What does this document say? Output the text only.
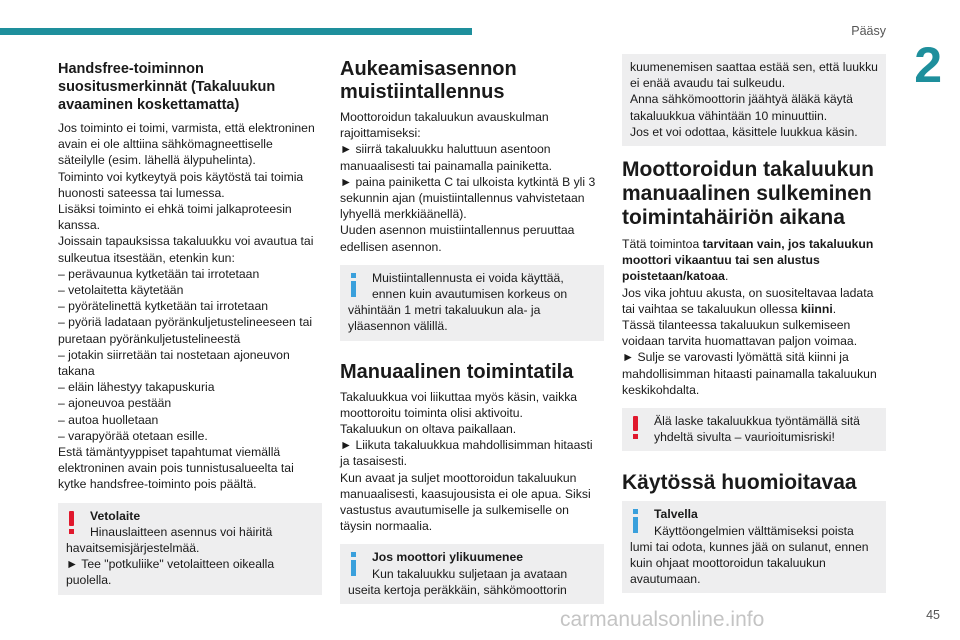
Pääsy
2
Handsfree-toiminnon suositusmerkinnät (Takaluukun avaaminen koskettamatta)
Jos toiminto ei toimi, varmista, että elektroninen avain ei ole alttiina sähkömagneettiselle säteilylle (esim. lähellä älypuhelinta).
Toiminto voi kytkeytyä pois käytöstä tai toimia huonosti sateessa tai lumessa.
Lisäksi toiminto ei ehkä toimi jalkaproteesin kanssa.
Joissain tapauksissa takaluukku voi avautua tai sulkeutua itsestään, etenkin kun:
– perävaunua kytketään tai irrotetaan
– vetolaitetta käytetään
– pyörätelinettä kytketään tai irrotetaan
– pyöriä ladataan pyöränkuljetustelineeseen tai puretaan pyöränkuljetustelineestä
– jotakin siirretään tai nostetaan ajoneuvon takana
– eläin lähestyy takapuskuria
– ajoneuvoa pestään
– autoa huolletaan
– varapyörää otetaan esille.
Estä tämäntyyppiset tapahtumat viemällä elektroninen avain pois tunnistusalueelta tai kytke handsfree-toiminto pois päältä.
Vetolaite
Hinauslaitteen asennus voi häiritä
havaitsemisjärjestelmää.
► Tee "potkuliike" vetolaitteen oikealla puolella.
Aukeamisasennon muistiintallennus
Moottoroidun takaluukun avauskulman rajoittamiseksi:
► siirrä takaluukku haluttuun asentoon manuaalisesti tai painamalla painiketta.
► paina painiketta C tai ulkoista kytkintä B yli 3 sekunnin ajan (muistiintallennus vahvistetaan lyhyellä merkkiäänellä).
Uuden asennon muistiintallennus peruuttaa edellisen asennon.
Muistiintallennusta ei voida käyttää,
ennen kuin avautumisen korkeus on
vähintään 1 metri takaluukun ala- ja yläasennon välillä.
Manuaalinen toimintatila
Takaluukkua voi liikuttaa myös käsin, vaikka moottoroitu toiminta olisi aktivoitu.
Takaluukun on oltava paikallaan.
► Liikuta takaluukkua mahdollisimman hitaasti ja tasaisesti.
Kun avaat ja suljet moottoroidun takaluukun manuaalisesti, kaasujousista ei ole apua. Siksi vastustus avautumiselle ja sulkemiselle on täysin normaalia.
Jos moottori ylikuumenee
Kun takaluukku suljetaan ja avataan
useita kertoja peräkkäin, sähkömoottorin
kuumenemisen saattaa estää sen, että luukku ei enää avaudu tai sulkeudu.
Anna sähkömoottorin jäähtyä äläkä käytä takaluukkua vähintään 10 minuuttiin.
Jos et voi odottaa, käsittele luukkua käsin.
Moottoroidun takaluukun manuaalinen sulkeminen toimintahäiriön aikana
Tätä toimintoa tarvitaan vain, jos takaluukun moottori vikaantuu tai sen alustus poistetaan/katoaa.
Jos vika johtuu akusta, on suositeltavaa ladata tai vaihtaa se takaluukun ollessa kiinni.
Tässä tilanteessa takaluukun sulkemiseen voidaan tarvita huomattavan paljon voimaa.
► Sulje se varovasti lyömättä sitä kiinni ja mahdollisimman hitaasti painamalla takaluukun keskikohdalta.
Älä laske takaluukkua työntämällä sitä
yhdeltä sivulta – vaurioitumisriski!
Käytössä huomioitavaa
Talvella
Käyttöongelmien välttämiseksi poista
lumi tai odota, kunnes jää on sulanut, ennen kuin ohjaat moottoroidun takaluukun avautumaan.
carmanualsonline.info	45
